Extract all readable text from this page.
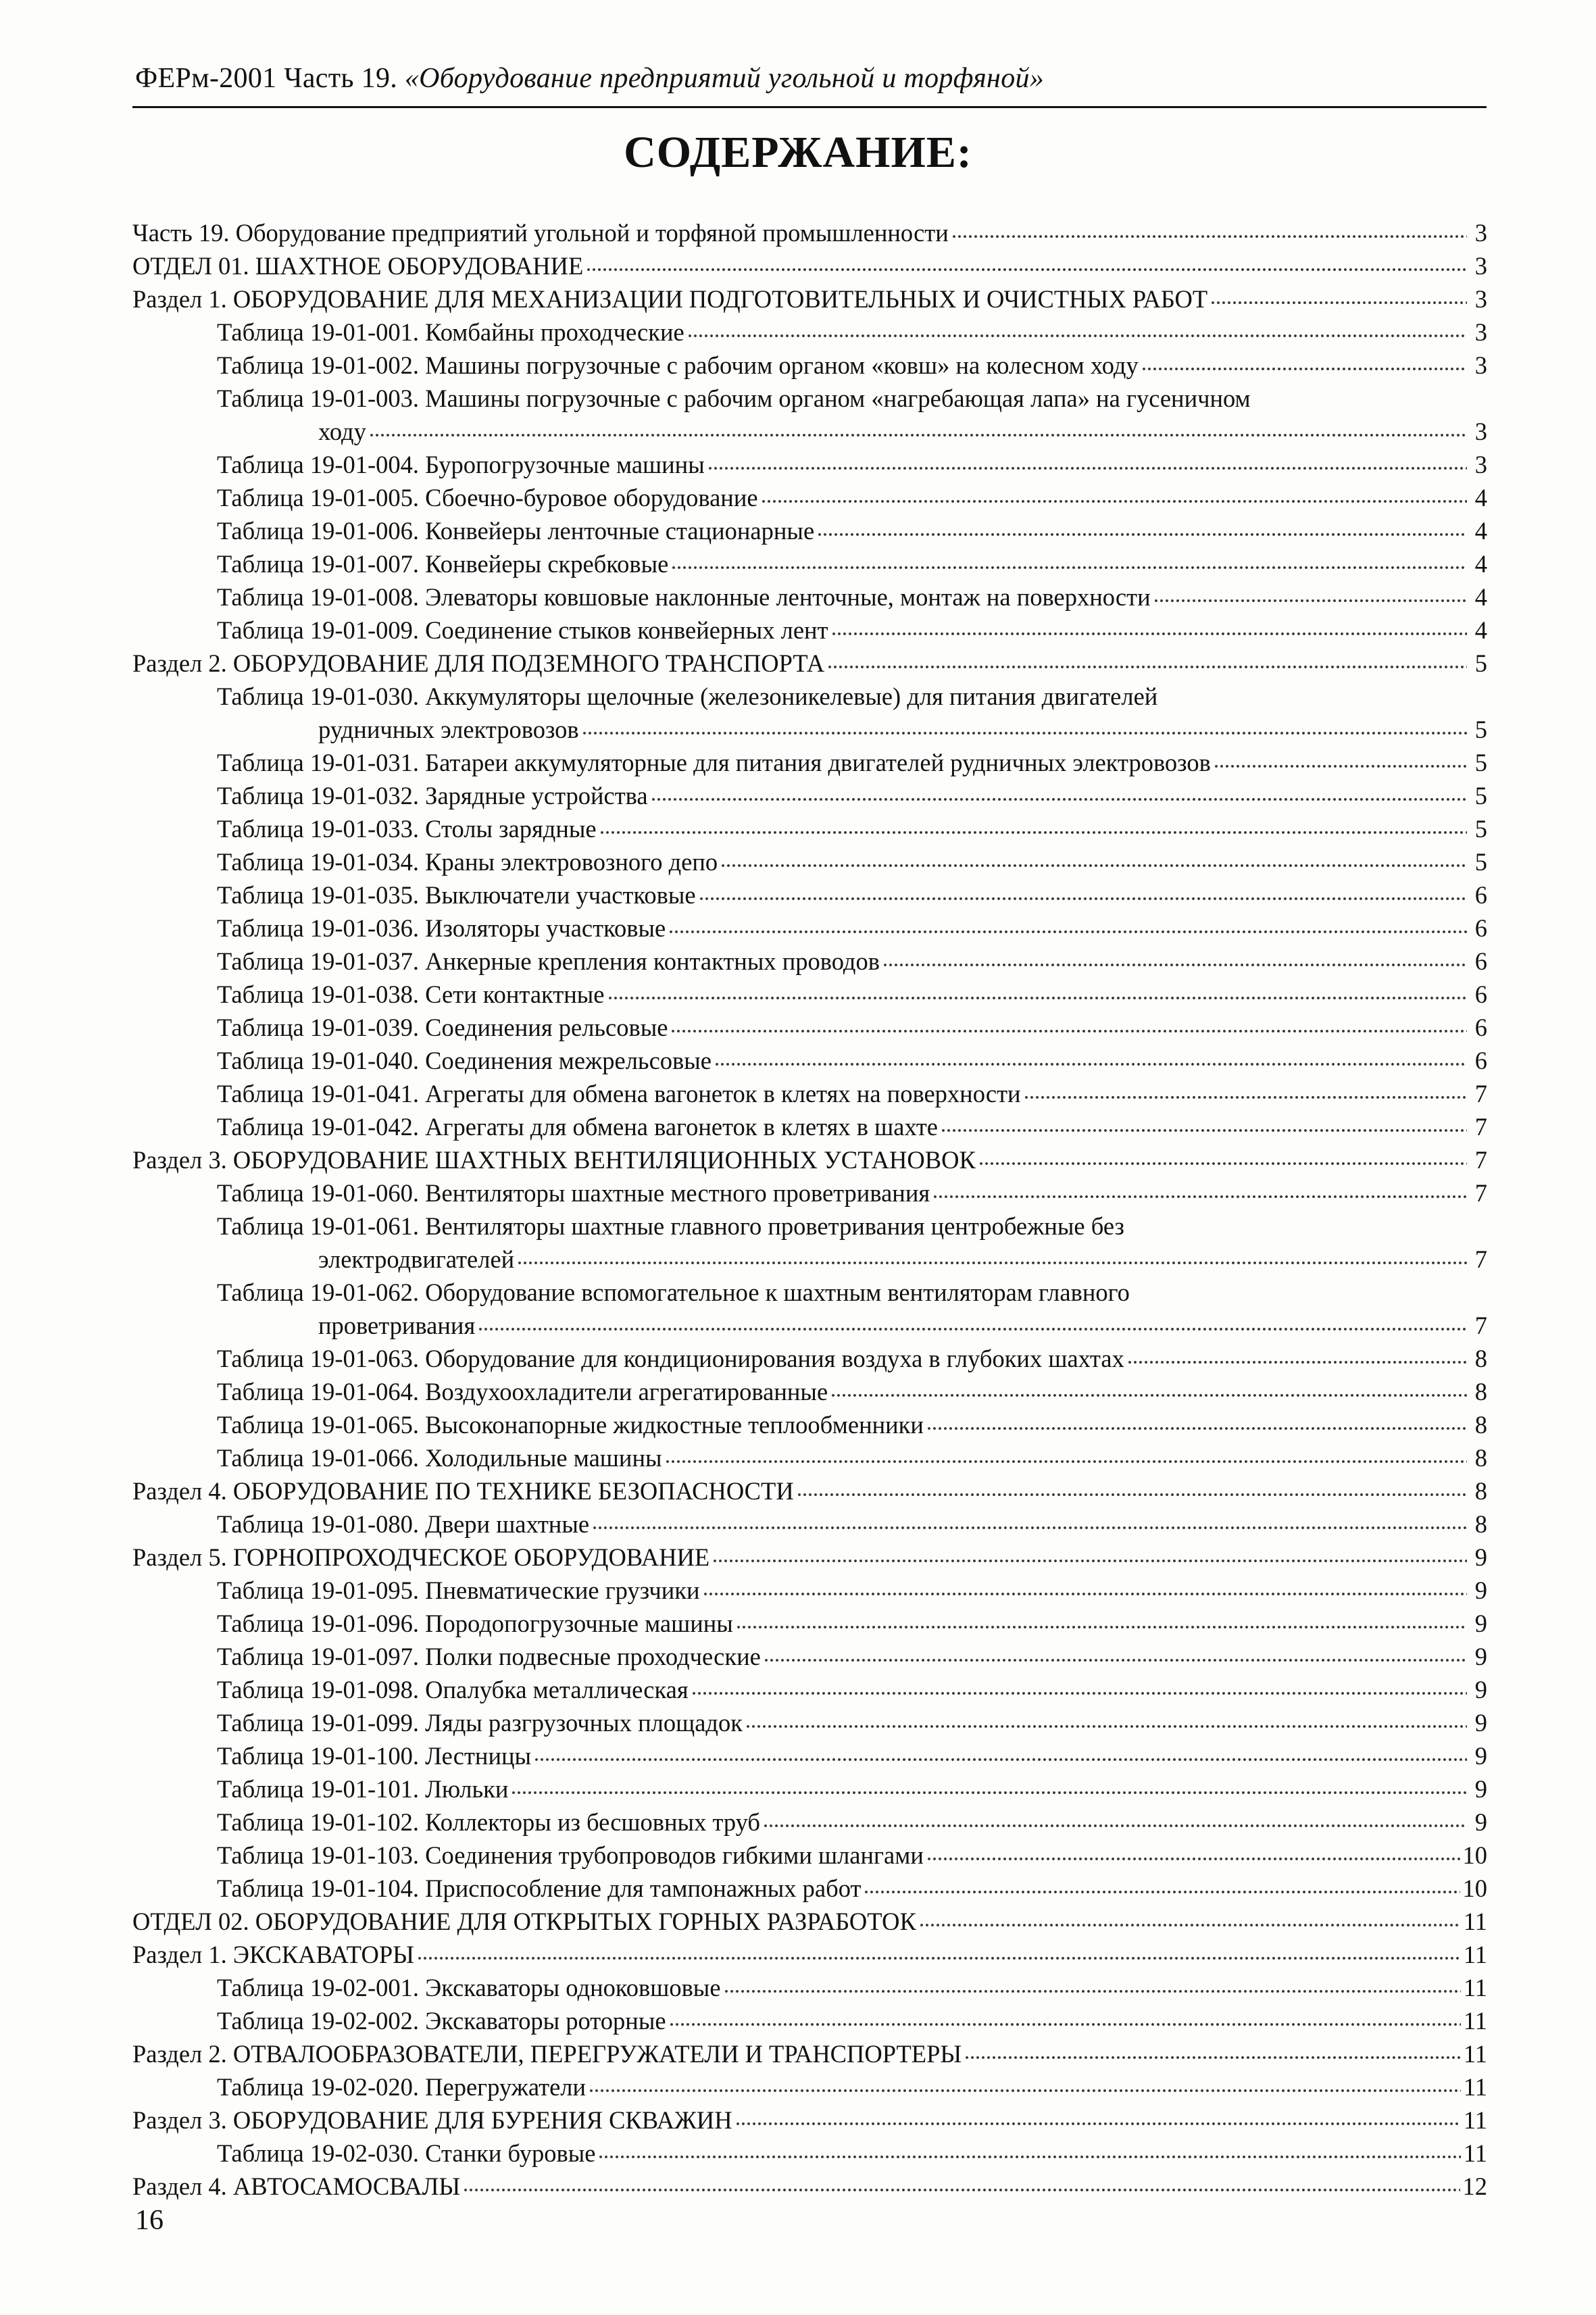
ФЕРм-2001 Часть 19. «Оборудование предприятий угольной и торфяной»
СОДЕРЖАНИЕ:
Часть 19. Оборудование предприятий угольной и торфяной промышленности	3
ОТДЕЛ 01. ШАХТНОЕ ОБОРУДОВАНИЕ	3
Раздел 1. ОБОРУДОВАНИЕ ДЛЯ МЕХАНИЗАЦИИ ПОДГОТОВИТЕЛЬНЫХ И ОЧИСТНЫХ РАБОТ	3
Таблица 19-01-001. Комбайны проходческие	3
Таблица 19-01-002. Машины погрузочные с рабочим органом «ковш» на колесном ходу	3
Таблица 19-01-003. Машины погрузочные с рабочим органом «нагребающая лапа» на гусеничном
ходу	3
Таблица 19-01-004. Буропогрузочные машины	3
Таблица 19-01-005. Сбоечно-буровое оборудование	4
Таблица 19-01-006. Конвейеры ленточные стационарные	4
Таблица 19-01-007. Конвейеры скребковые	4
Таблица 19-01-008. Элеваторы ковшовые наклонные ленточные, монтаж на поверхности	4
Таблица 19-01-009. Соединение стыков конвейерных лент	4
Раздел 2. ОБОРУДОВАНИЕ ДЛЯ ПОДЗЕМНОГО ТРАНСПОРТА	5
Таблица 19-01-030. Аккумуляторы щелочные (железоникелевые) для питания двигателей
рудничных электровозов	5
Таблица 19-01-031. Батареи аккумуляторные для питания двигателей рудничных электровозов	5
Таблица 19-01-032. Зарядные устройства	5
Таблица 19-01-033. Столы зарядные	5
Таблица 19-01-034. Краны электровозного депо	5
Таблица 19-01-035. Выключатели участковые	6
Таблица 19-01-036. Изоляторы участковые	6
Таблица 19-01-037. Анкерные крепления контактных проводов	6
Таблица 19-01-038. Сети контактные	6
Таблица 19-01-039. Соединения рельсовые	6
Таблица 19-01-040. Соединения межрельсовые	6
Таблица 19-01-041. Агрегаты для обмена вагонеток в клетях на поверхности	7
Таблица 19-01-042. Агрегаты для обмена вагонеток в клетях в шахте	7
Раздел 3. ОБОРУДОВАНИЕ ШАХТНЫХ ВЕНТИЛЯЦИОННЫХ УСТАНОВОК	7
Таблица 19-01-060. Вентиляторы шахтные местного проветривания	7
Таблица 19-01-061. Вентиляторы шахтные главного проветривания центробежные без
электродвигателей	7
Таблица 19-01-062. Оборудование вспомогательное к шахтным вентиляторам главного
проветривания	7
Таблица 19-01-063. Оборудование для кондиционирования воздуха в глубоких шахтах	8
Таблица 19-01-064. Воздухоохладители агрегатированные	8
Таблица 19-01-065. Высоконапорные жидкостные теплообменники	8
Таблица 19-01-066. Холодильные машины	8
Раздел 4. ОБОРУДОВАНИЕ ПО ТЕХНИКЕ БЕЗОПАСНОСТИ	8
Таблица 19-01-080. Двери шахтные	8
Раздел 5. ГОРНОПРОХОДЧЕСКОЕ ОБОРУДОВАНИЕ	9
Таблица 19-01-095. Пневматические грузчики	9
Таблица 19-01-096. Породопогрузочные машины	9
Таблица 19-01-097. Полки подвесные проходческие	9
Таблица 19-01-098. Опалубка металлическая	9
Таблица 19-01-099. Ляды разгрузочных площадок	9
Таблица 19-01-100. Лестницы	9
Таблица 19-01-101. Люльки	9
Таблица 19-01-102. Коллекторы из бесшовных труб	9
Таблица 19-01-103. Соединения трубопроводов гибкими шлангами	10
Таблица 19-01-104. Приспособление для тампонажных работ	10
ОТДЕЛ 02. ОБОРУДОВАНИЕ ДЛЯ ОТКРЫТЫХ ГОРНЫХ РАЗРАБОТОК	11
Раздел 1. ЭКСКАВАТОРЫ	11
Таблица 19-02-001. Экскаваторы одноковшовые	11
Таблица 19-02-002. Экскаваторы роторные	11
Раздел 2. ОТВАЛООБРАЗОВАТЕЛИ, ПЕРЕГРУЖАТЕЛИ И ТРАНСПОРТЕРЫ	11
Таблица 19-02-020. Перегружатели	11
Раздел 3. ОБОРУДОВАНИЕ ДЛЯ БУРЕНИЯ СКВАЖИН	11
Таблица 19-02-030. Станки буровые	11
Раздел 4. АВТОСАМОСВАЛЫ	12
16
